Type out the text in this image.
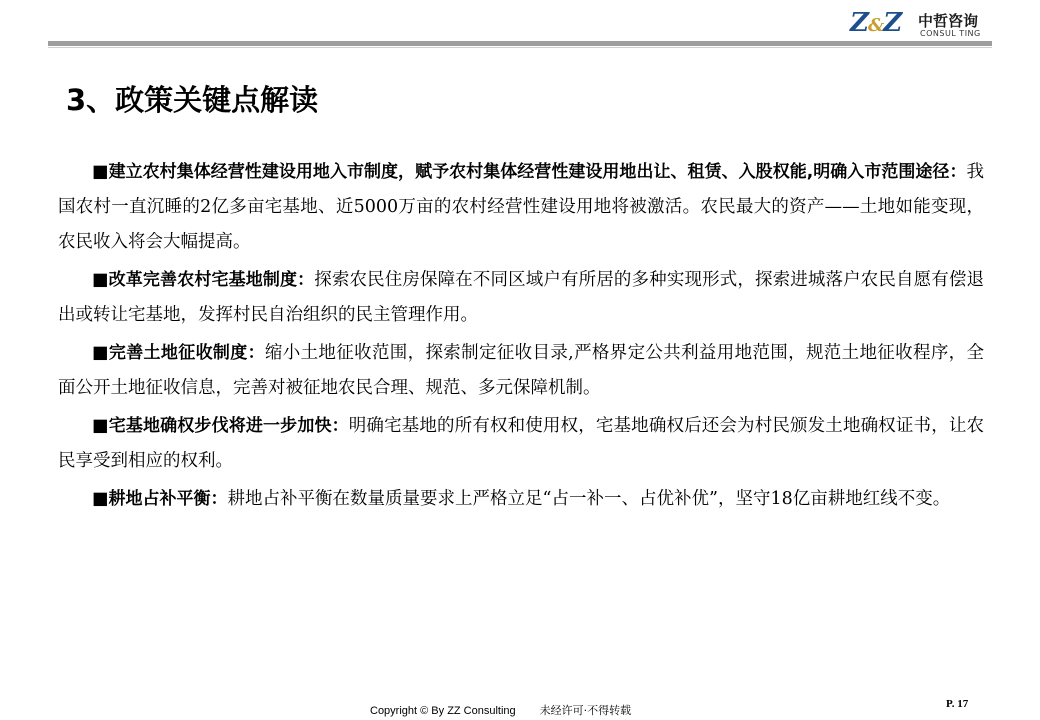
Z&Z 中哲咨询
CONSUL TING
3、政策关键点解读

■建立农村集体经营性建设用地入市制度，赋予农村集体经营性建设用地出让、租赁、入股权能,明确入市范围途径：我国农村一直沉睡的2亿多亩宅基地、近5000万亩的农村经营性建设用地将被激活。农民最大的资产——土地如能变现，农民收入将会大幅提高。

■改革完善农村宅基地制度：探索农民住房保障在不同区域户有所居的多种实现形式，探索进城落户农民自愿有偿退出或转让宅基地，发挥村民自治组织的民主管理作用。

■完善土地征收制度：缩小土地征收范围，探索制定征收目录,严格界定公共利益用地范围，规范土地征收程序，全面公开土地征收信息，完善对被征地农民合理、规范、多元保障机制。

■宅基地确权步伐将进一步加快：明确宅基地的所有权和使用权，宅基地确权后还会为村民颁发土地确权证书，让农民享受到相应的权利。

■耕地占补平衡：耕地占补平衡在数量质量要求上严格立足“占一补一、占优补优”，坚守18亿亩耕地红线不变。

Copyright © By ZZ Consulting 未经许可·不得转载	P. 17
